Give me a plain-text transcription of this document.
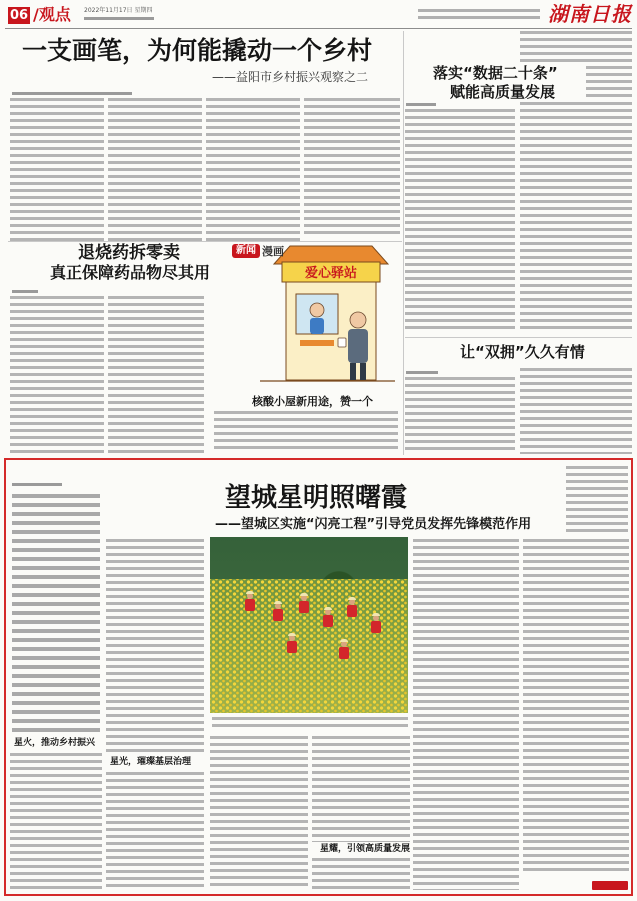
06 /观点 2022年11月17日 星期四	湖南日报
一支画笔，为何能撬动一个乡村
——益阳市乡村振兴观察之二	落实“数据二十条”
赋能高质量发展
让“双拥”久久有情
退烧药拆零卖
真正保障药品物尽其用	爱心驿站
新闻 漫画
核酸小屋新用途，赞一个
望城星明照曙霞
——望城区实施“闪亮工程”引导党员发挥先锋模范作用
星火，推动乡村振兴
星光，璀璨基层治理
星耀，引领高质量发展
